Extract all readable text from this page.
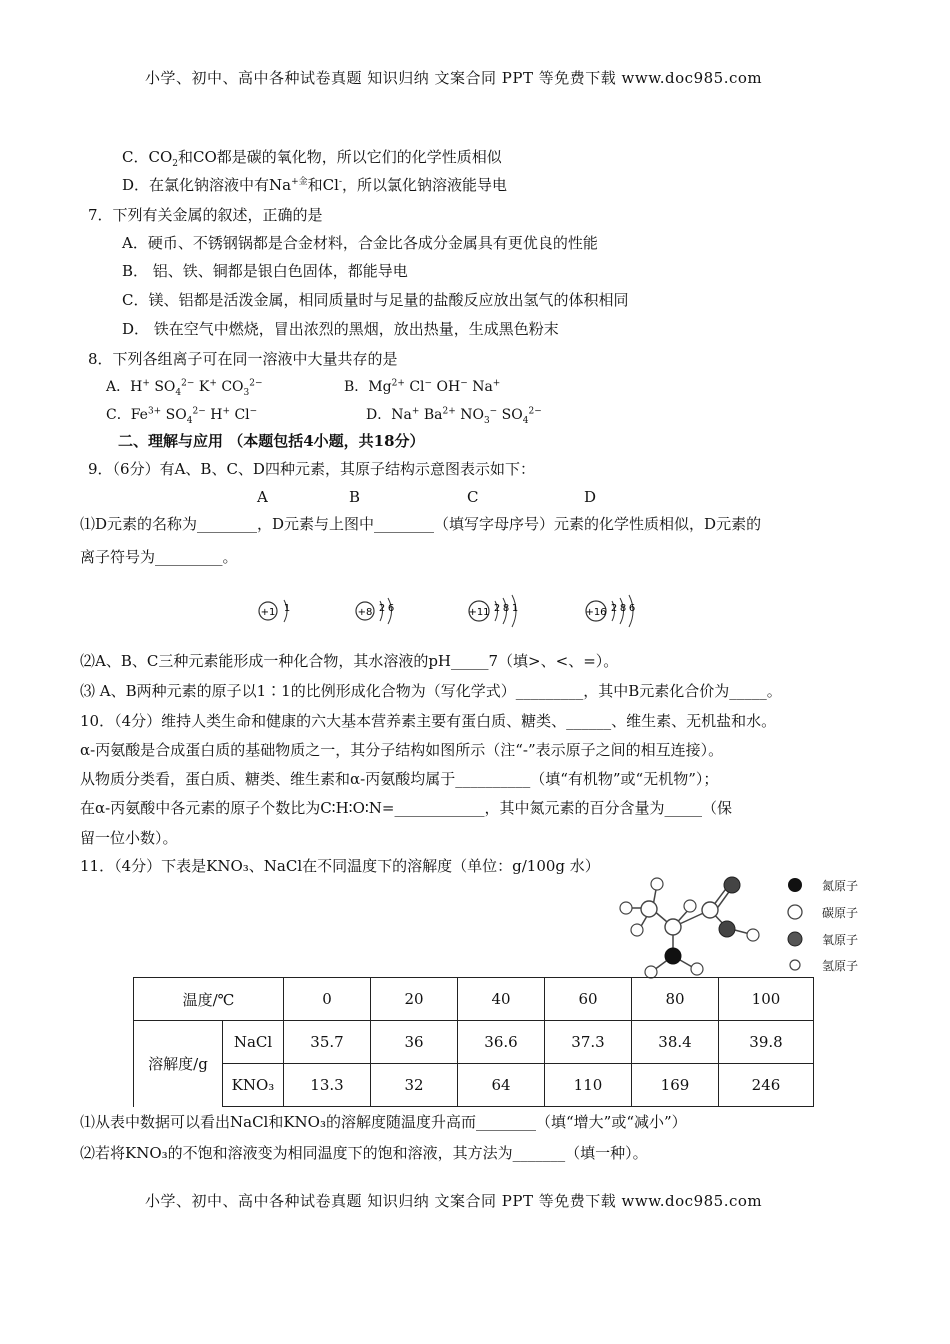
小学、初中、高中各种试卷真题 知识归纳 文案合同 PPT 等免费下载 www.doc985.com
C．$CO_2$和CO都是碳的氧化物，所以它们的化学性质相似
D．在氯化钠溶液中有$Na^{+金}$和Cl-，所以氯化钠溶液能导电
7．下列有关金属的叙述，正确的是
A．硬币、不锈钢锅都是合金材料，合金比各成分金属具有更优良的性能
B． 铝、铁、铜都是银白色固体，都能导电
C．镁、铝都是活泼金属，相同质量时与足量的盐酸反应放出氢气的体积相同
D． 铁在空气中燃烧，冒出浓烈的黑烟，放出热量，生成黑色粉末
8．下列各组离子可在同一溶液中大量共存的是
A．H+ $SO_4^{2-}$ K+ $CO_3^{2-}$	B．$Mg^{2+}$ Cl− OH− Na+
C．$Fe^{3+}$ $SO_4^{2-}$ H+ Cl−	D．Na+ $Ba^{2+}$ $NO_3^-$ $SO_4^{2-}$
二、理解与应用 （本题包括4小题，共18分）
9．（6分）有A、B、C、D四种元素，其原子结构示意图表示如下：
A	B	C	D
⑴D元素的名称为________，D元素与上图中________（填写字母序号）元素的化学性质相似，D元素的
离子符号为_________。
+1 1	+8 2 6	+11 2 8 1	+16 2 8 6
⑵A、B、C三种元素能形成一种化合物，其水溶液的pH_____7（填>、<、=）。
⑶ A、B两种元素的原子以1∶1的比例形成化合物为（写化学式）_________，其中B元素化合价为_____。
10．（4分）维持人类生命和健康的六大基本营养素主要有蛋白质、糖类、______、维生素、无机盐和水。
α-丙氨酸是合成蛋白质的基础物质之一，其分子结构如图所示（注“-”表示原子之间的相互连接）。
从物质分类看，蛋白质、糖类、维生素和α-丙氨酸均属于__________（填“有机物”或“无机物”）；
在α-丙氨酸中各元素的原子个数比为C∶H∶O∶N=____________，其中氮元素的百分含量为_____（保
留一位小数）。
11．（4分）下表是KNO₃、NaCl在不同温度下的溶解度（单位：g/100g 水）
氮原子
碳原子
氧原子
氢原子
温度/℃		0	20	40	60	80	100
溶解度/g	NaCl	35.7	36	36.6	37.3	38.4	39.8
	KNO₃	13.3	32	64	110	169	246
⑴从表中数据可以看出NaCl和KNO₃的溶解度随温度升高而________（填“增大”或“减小”）
⑵若将KNO₃的不饱和溶液变为相同温度下的饱和溶液，其方法为_______（填一种）。
小学、初中、高中各种试卷真题 知识归纳 文案合同 PPT 等免费下载 www.doc985.com
